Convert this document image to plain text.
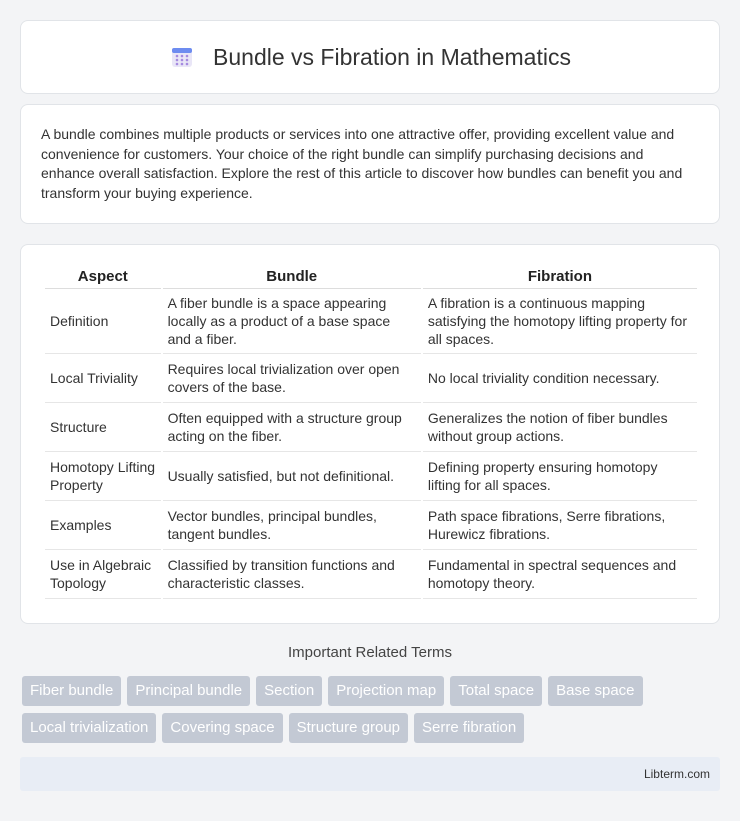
Bundle vs Fibration in Mathematics

A bundle combines multiple products or services into one attractive offer, providing excellent value and convenience for customers. Your choice of the right bundle can simplify purchasing decisions and enhance overall satisfaction. Explore the rest of this article to discover how bundles can benefit you and transform your buying experience.

Aspect	Bundle	Fibration
Definition	A fiber bundle is a space appearing locally as a product of a base space and a fiber.	A fibration is a continuous mapping satisfying the homotopy lifting property for all spaces.
Local Triviality	Requires local trivialization over open covers of the base.	No local triviality condition necessary.
Structure	Often equipped with a structure group acting on the fiber.	Generalizes the notion of fiber bundles without group actions.
Homotopy Lifting Property	Usually satisfied, but not definitional.	Defining property ensuring homotopy lifting for all spaces.
Examples	Vector bundles, principal bundles, tangent bundles.	Path space fibrations, Serre fibrations, Hurewicz fibrations.
Use in Algebraic Topology	Classified by transition functions and characteristic classes.	Fundamental in spectral sequences and homotopy theory.
Important Related Terms
Fiber bundle	Principal bundle	Section	Projection map	Total space	Base space
Local trivialization	Covering space	Structure group	Serre fibration
Libterm.com
